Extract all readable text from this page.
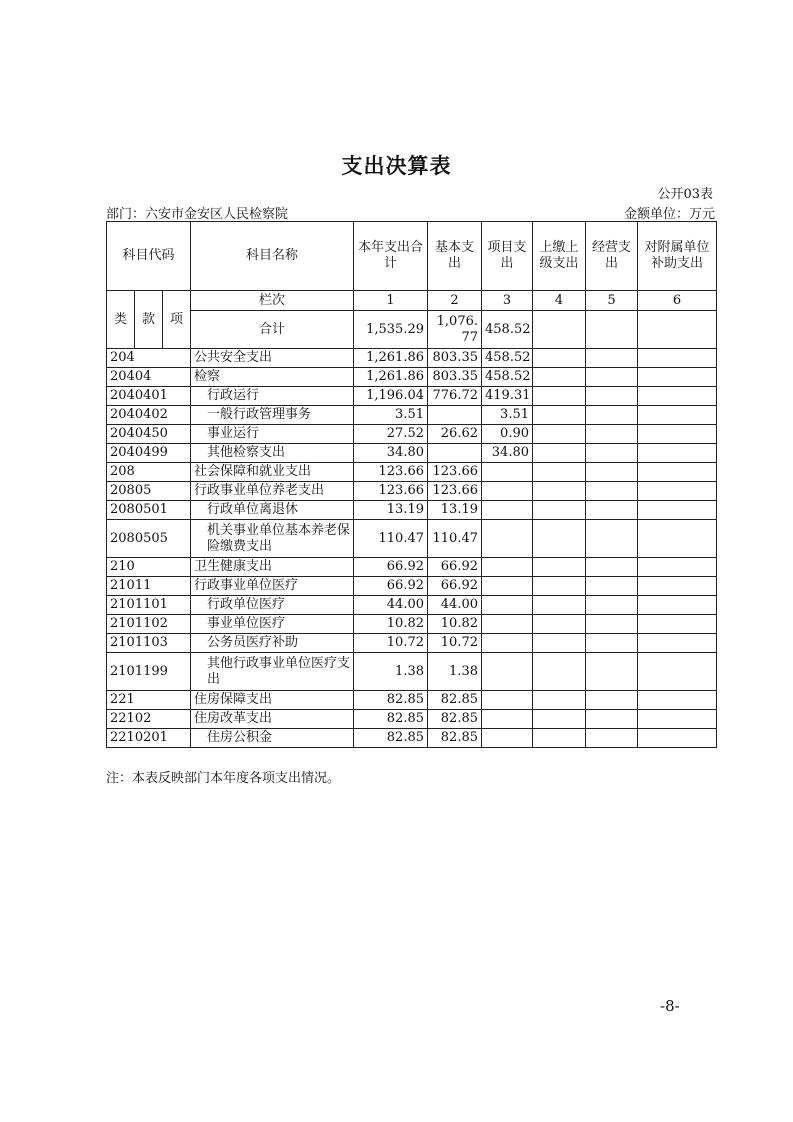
支出决算表
公开03表
部门：六安市金安区人民检察院	金额单位：万元
科目代码			科目名称	本年支出合计	基本支出	项目支出	上缴上级支出	经营支出	对附属单位补助支出
类	款	项	栏次	1	2	3	4	5	6
			合计	1,535.29	1,076.77	458.52			
204			公共安全支出	1,261.86	803.35	458.52			
20404			检察	1,261.86	803.35	458.52			
2040401			行政运行	1,196.04	776.72	419.31			
2040402			一般行政管理事务	3.51		3.51			
2040450			事业运行	27.52	26.62	0.90			
2040499			其他检察支出	34.80		34.80			
208			社会保障和就业支出	123.66	123.66				
20805			行政事业单位养老支出	123.66	123.66				
2080501			行政单位离退休	13.19	13.19				
2080505			机关事业单位基本养老保险缴费支出	110.47	110.47				
210			卫生健康支出	66.92	66.92				
21011			行政事业单位医疗	66.92	66.92				
2101101			行政单位医疗	44.00	44.00				
2101102			事业单位医疗	10.82	10.82				
2101103			公务员医疗补助	10.72	10.72				
2101199			其他行政事业单位医疗支出	1.38	1.38				
221			住房保障支出	82.85	82.85				
22102			住房改革支出	82.85	82.85				
2210201			住房公积金	82.85	82.85				
注：本表反映部门本年度各项支出情况。
-8-
